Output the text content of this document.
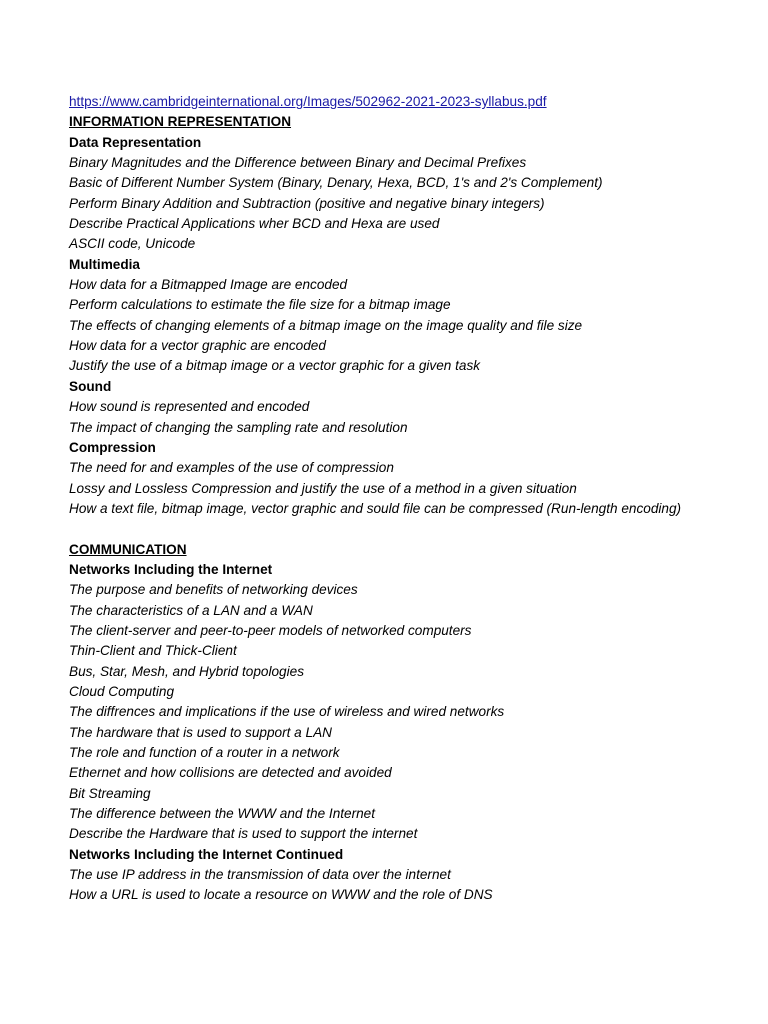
https://www.cambridgeinternational.org/Images/502962-2021-2023-syllabus.pdf
INFORMATION REPRESENTATION
Data Representation
Binary Magnitudes and the Difference between Binary and Decimal Prefixes
Basic of Different Number System (Binary, Denary, Hexa, BCD, 1's and 2's Complement)
Perform Binary Addition and Subtraction (positive and negative binary integers)
Describe Practical Applications wher BCD and Hexa are used
ASCII code, Unicode
Multimedia
How data for a Bitmapped Image are encoded
Perform calculations to estimate the file size for a bitmap image
The effects of changing elements of a bitmap image on the image quality and file size
How data for a vector graphic are encoded
Justify the use of a bitmap image or a vector graphic for a given task
Sound
How sound is represented and encoded
The impact of changing the sampling rate and resolution
Compression
The need for and examples of the use of compression
Lossy and Lossless Compression and justify the use of a method in a given situation
How a text file, bitmap image, vector graphic and sould file can be compressed (Run-length encoding)
COMMUNICATION
Networks Including the Internet
The purpose and benefits of networking devices
The characteristics of a LAN and a WAN
The client-server and peer-to-peer models of networked computers
Thin-Client and Thick-Client
Bus, Star, Mesh, and Hybrid topologies
Cloud Computing
The diffrences and implications if the use of wireless and wired networks
The hardware that is used to support a LAN
The role and function of a router in a network
Ethernet and how collisions are detected and avoided
Bit Streaming
The difference between the WWW and the Internet
Describe the Hardware that is used to support the internet
Networks Including the Internet Continued
The use IP address in the transmission of data over the internet
How a URL is used to locate a resource on WWW and the role of DNS
